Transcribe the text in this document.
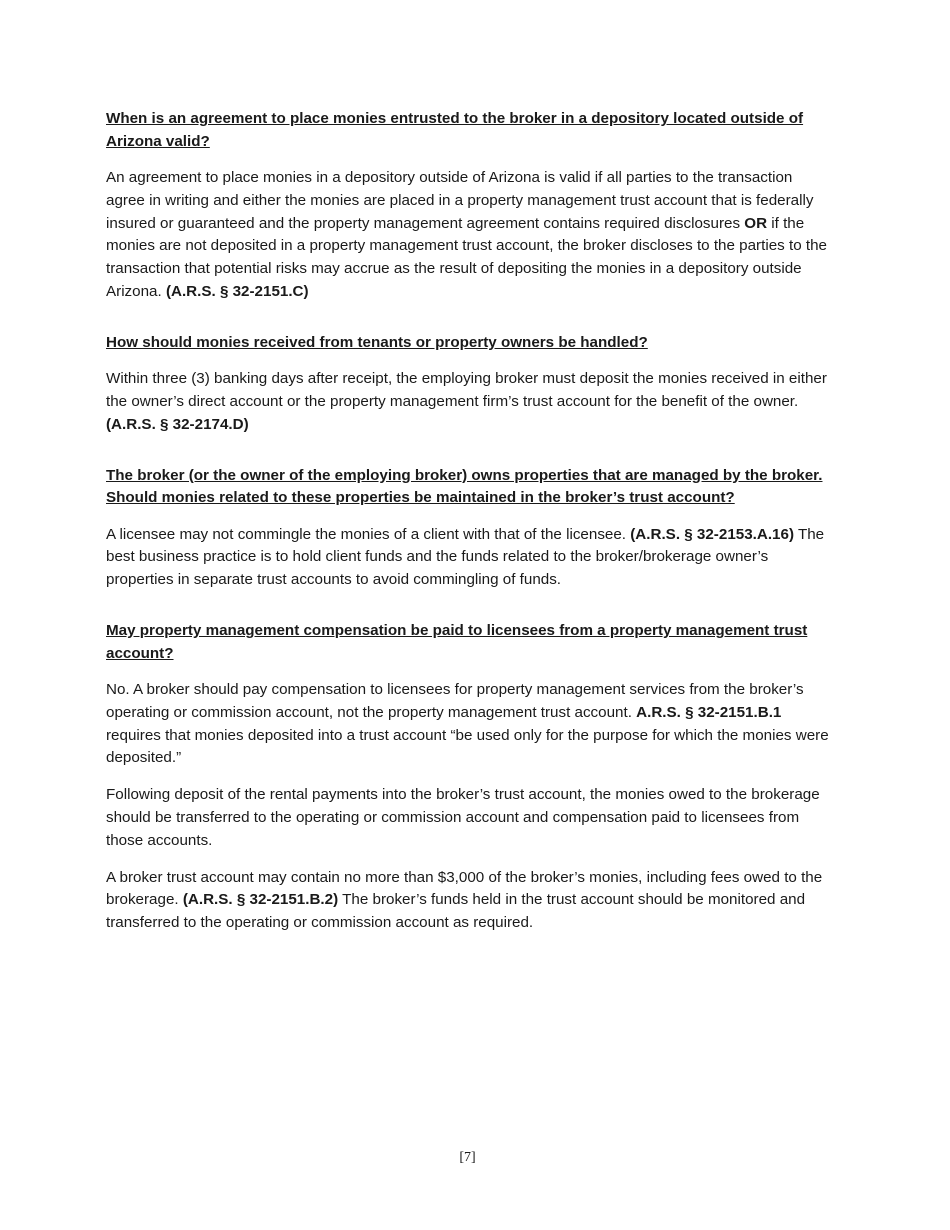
When is an agreement to place monies entrusted to the broker in a depository located outside of Arizona valid?

An agreement to place monies in a depository outside of Arizona is valid if all parties to the transaction agree in writing and either the monies are placed in a property management trust account that is federally insured or guaranteed and the property management agreement contains required disclosures OR if the monies are not deposited in a property management trust account, the broker discloses to the parties to the transaction that potential risks may accrue as the result of depositing the monies in a depository outside Arizona. (A.R.S. § 32-2151.C)

How should monies received from tenants or property owners be handled?

Within three (3) banking days after receipt, the employing broker must deposit the monies received in either the owner’s direct account or the property management firm’s trust account for the benefit of the owner. (A.R.S. § 32-2174.D)

The broker (or the owner of the employing broker) owns properties that are managed by the broker. Should monies related to these properties be maintained in the broker’s trust account?

A licensee may not commingle the monies of a client with that of the licensee. (A.R.S. § 32-2153.A.16) The best business practice is to hold client funds and the funds related to the broker/brokerage owner’s properties in separate trust accounts to avoid commingling of funds.

May property management compensation be paid to licensees from a property management trust account?

No. A broker should pay compensation to licensees for property management services from the broker’s operating or commission account, not the property management trust account. A.R.S. § 32-2151.B.1 requires that monies deposited into a trust account “be used only for the purpose for which the monies were deposited.”

Following deposit of the rental payments into the broker’s trust account, the monies owed to the brokerage should be transferred to the operating or commission account and compensation paid to licensees from those accounts.

A broker trust account may contain no more than $3,000 of the broker’s monies, including fees owed to the brokerage. (A.R.S. § 32-2151.B.2) The broker’s funds held in the trust account should be monitored and transferred to the operating or commission account as required.

[7]
